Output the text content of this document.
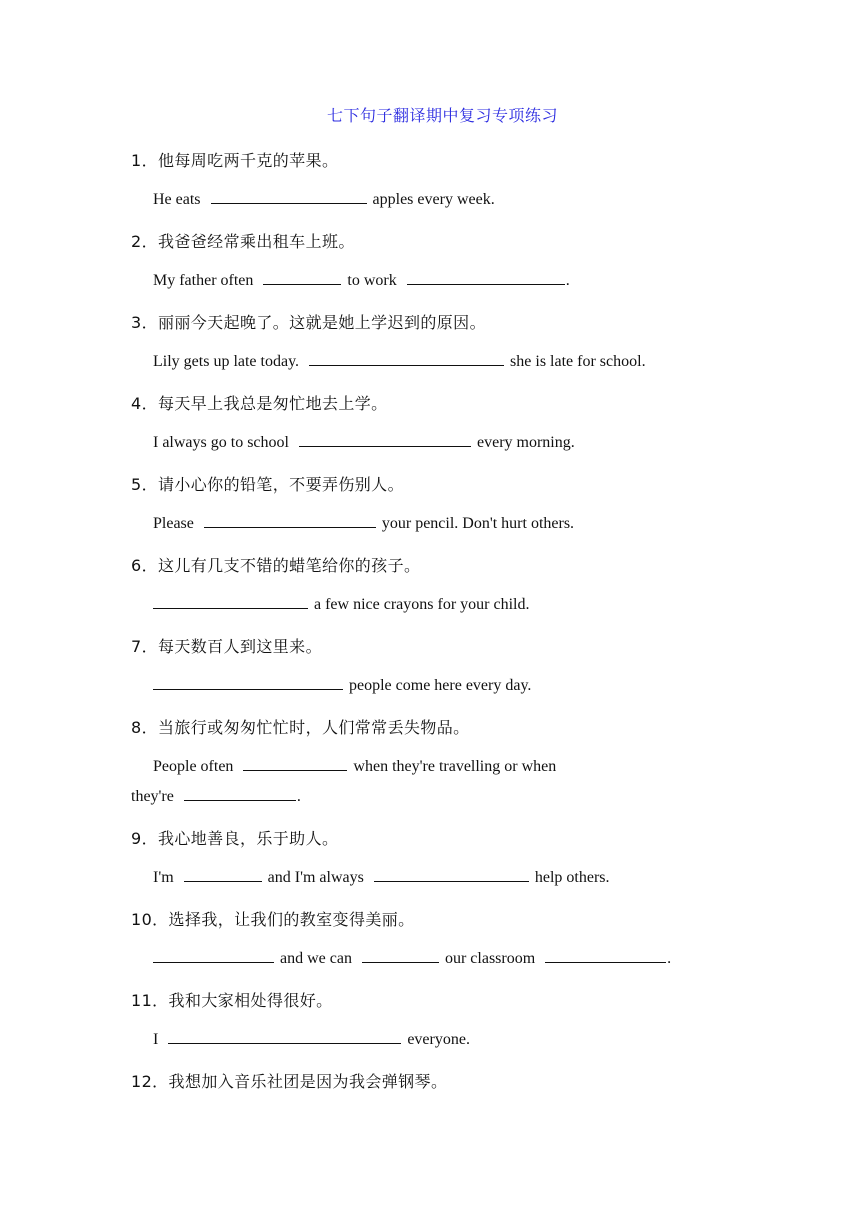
七下句子翻译期中复习专项练习
1．他每周吃两千克的苹果。
He eats	apples every week.
2．我爸爸经常乘出租车上班。
My father often	to work	.
3．丽丽今天起晚了。这就是她上学迟到的原因。
Lily gets up late today.	she is late for school.
4．每天早上我总是匆忙地去上学。
I always go to school	every morning.
5．请小心你的铅笔，不要弄伤别人。
Please	your pencil. Don't hurt others.
6．这儿有几支不错的蜡笔给你的孩子。
a few nice crayons for your child.
7．每天数百人到这里来。
people come here every day.
8．当旅行或匆匆忙忙时，人们常常丢失物品。
People often	when they're travelling or when
they're	.
9．我心地善良，乐于助人。
I'm	and I'm always	help others.
10．选择我，让我们的教室变得美丽。
and we can	our classroom	.
11．我和大家相处得很好。
I	everyone.
12．我想加入音乐社团是因为我会弹钢琴。
